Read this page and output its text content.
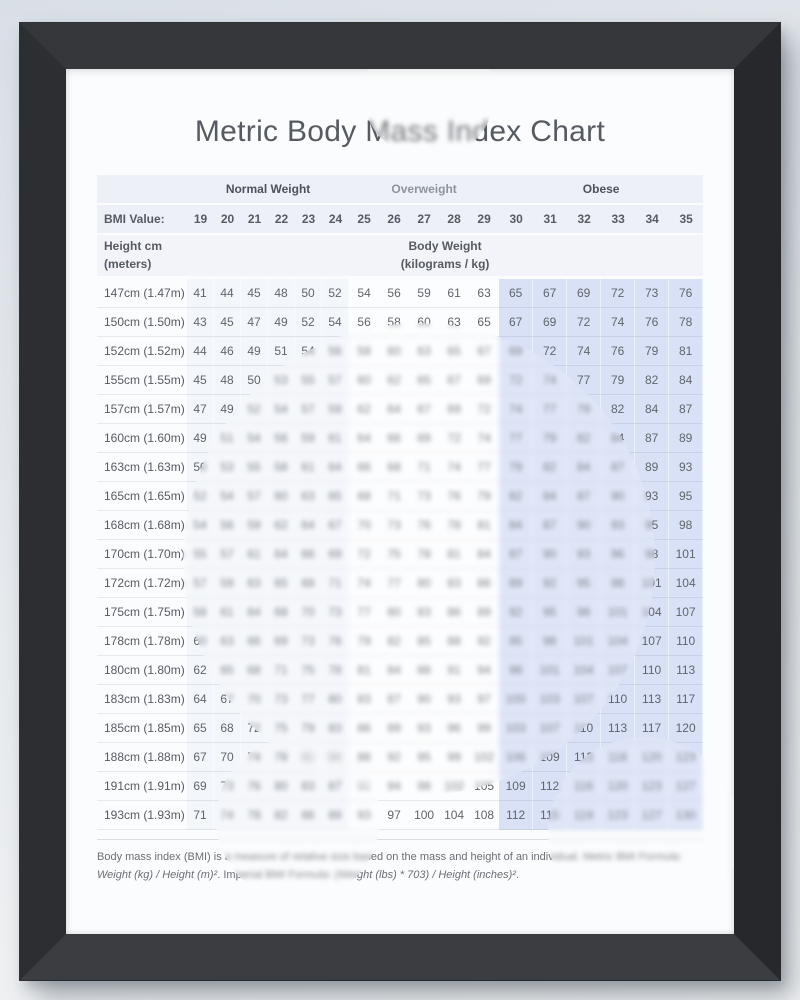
Metric Body Mass Index Chart
	Normal Weight						Overweight					Obese					
BMI Value:	19	20	21	22	23	24	25	26	27	28	29	30	31	32	33	34	35
Height cm
(meters)	Body Weight
(kilograms / kg)																
147cm (1.47m)	41	44	45	48	50	52	54	56	59	61	63	65	67	69	72	73	76
150cm (1.50m)	43	45	47	49	52	54	56	58	60	63	65	67	69	72	74	76	78
152cm (1.52m)	44	46	49	51	54	56	58	60	63	65	67	69	72	74	76	79	81
155cm (1.55m)	45	48	50	53	55	57	60	62	65	67	69	72	74	77	79	82	84
157cm (1.57m)	47	49	52	54	57	59	62	64	67	69	72	74	77	79	82	84	87
160cm (1.60m)	49	51	54	56	59	61	64	66	69	72	74	77	79	82	84	87	89
163cm (1.63m)	50	53	55	58	61	64	66	68	71	74	77	79	82	84	87	89	93
165cm (1.65m)	52	54	57	60	63	65	68	71	73	76	79	82	84	87	90	93	95
168cm (1.68m)	54	56	59	62	64	67	70	73	76	78	81	84	87	90	93	95	98
170cm (1.70m)	55	57	61	64	66	69	72	75	78	81	84	87	90	93	96	98	101
172cm (1.72m)	57	59	63	65	68	71	74	77	80	83	86	89	92	95	98	101	104
175cm (1.75m)	58	61	64	68	70	73	77	80	83	86	89	92	95	98	101	104	107
178cm (1.78m)	60	63	66	69	73	76	79	82	85	88	92	95	98	101	104	107	110
180cm (1.80m)	62	65	68	71	75	78	81	84	88	91	94	98	101	104	107	110	113
183cm (1.83m)	64	67	70	73	77	80	83	87	90	93	97	100	103	107	110	113	117
185cm (1.85m)	65	68	72	75	79	83	86	89	93	96	99	103	107	110	113	117	120
188cm (1.88m)	67	70	74	78	81	84	88	92	95	99	102	106	109	113	116	120	123
191cm (1.91m)	69	73	76	80	83	87	91	94	98	102	105	109	112	116	120	123	127
193cm (1.93m)	71	74	78	82	86	89	93	97	100	104	108	112	115	119	123	127	130
Body mass index (BMI) is a measure of relative size based on the mass and height of an individual. Metric BMI Formula: Weight (kg) / Height (m)². Imperial BMI Formula: (Weight (lbs) * 703) / Height (inches)².
